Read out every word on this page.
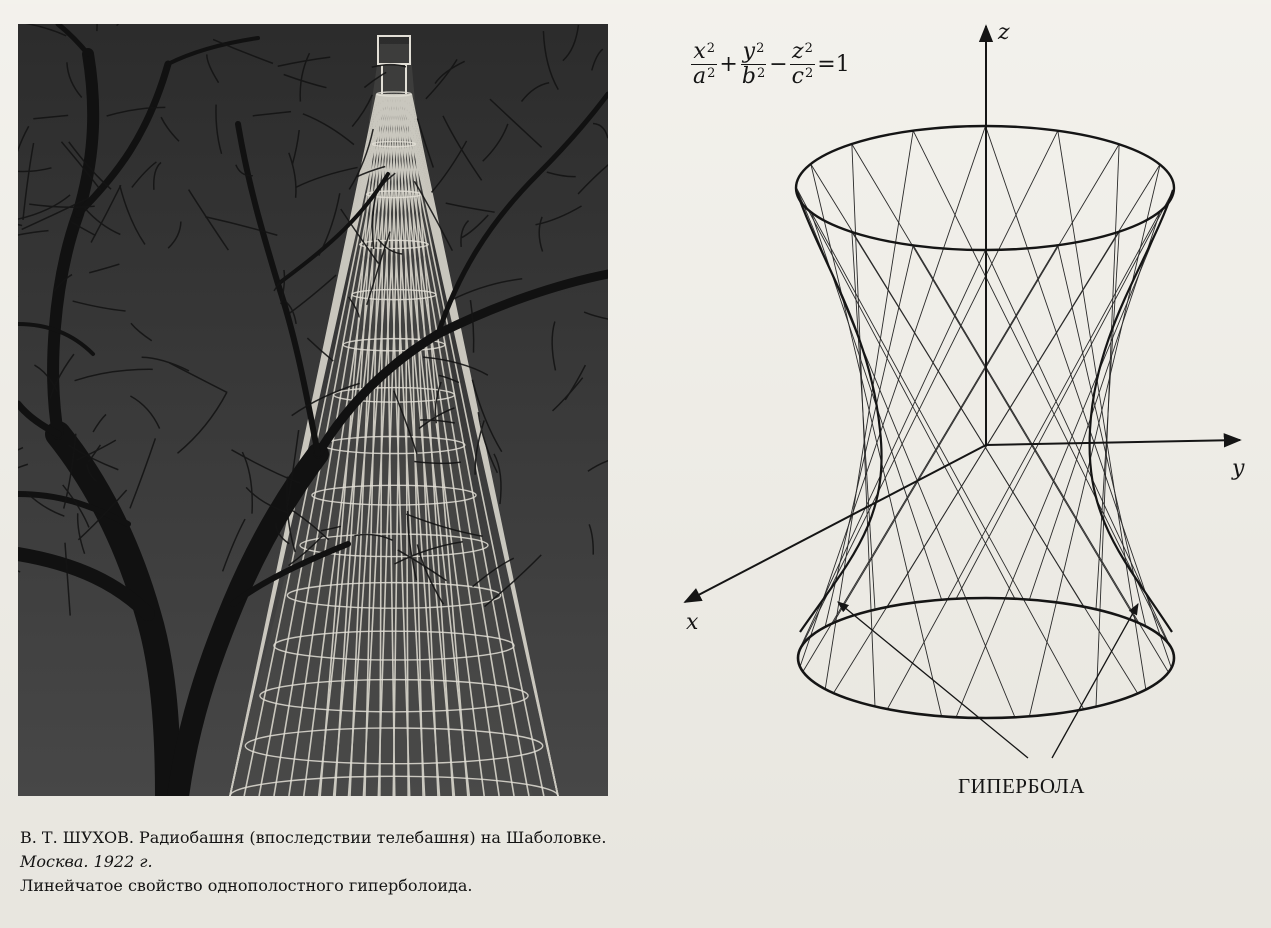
$\frac{x^2}{a^2} + \frac{y^2}{b^2} - \frac{z^2}{c^2} =1$
z
y
x
ГИПЕРБОЛА
В. Т. ШУХОВ. Радиобашня (впоследствии телебашня) на Шаболовке.
Москва. 1922 г.
Линейчатое свойство однополостного гиперболоида.
